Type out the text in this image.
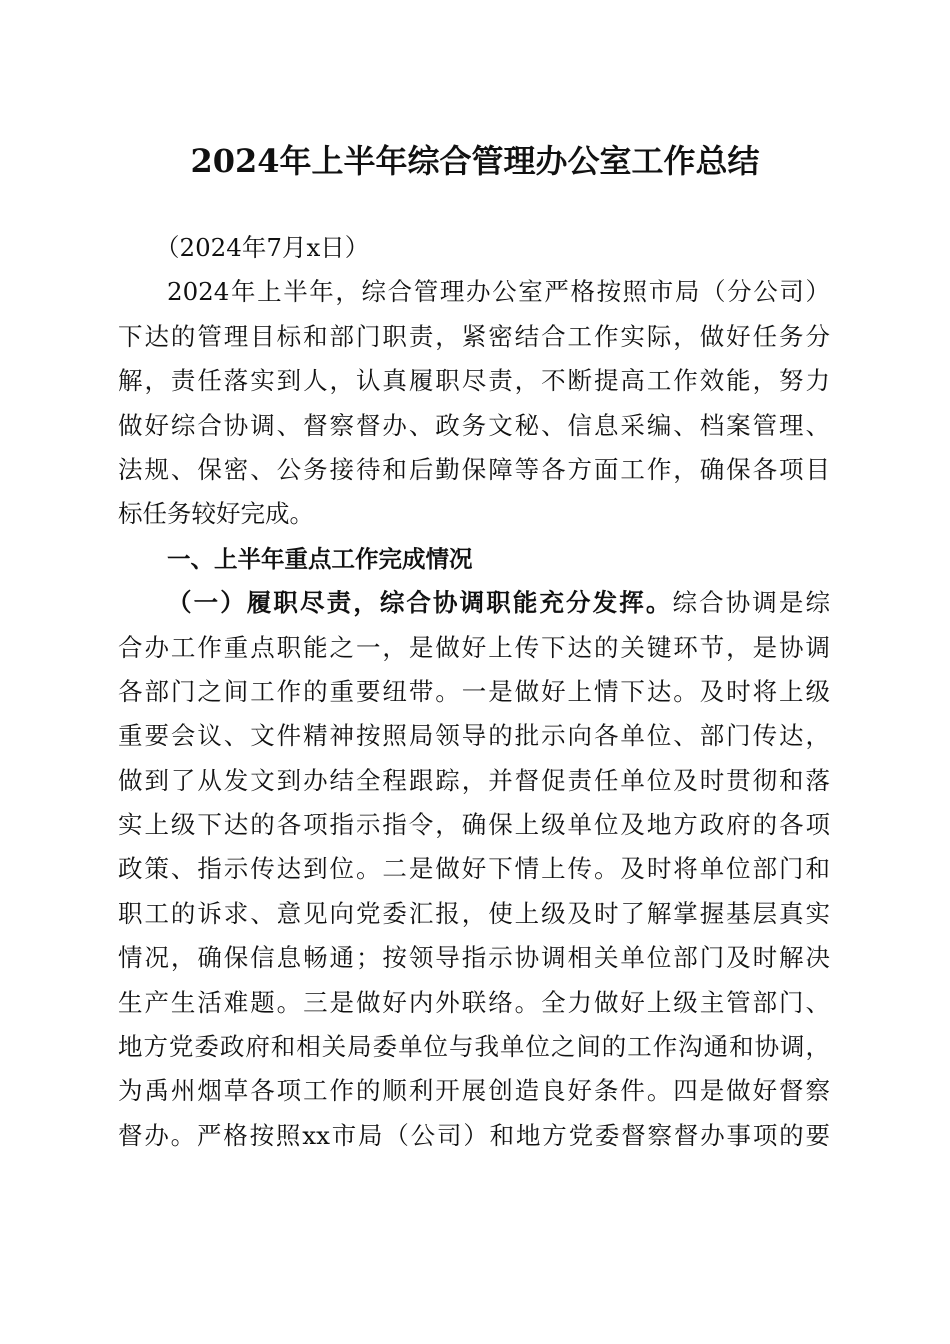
2024年上半年综合管理办公室工作总结
（2024年7月x日）
2024年上半年，综合管理办公室严格按照市局（分公司）
下达的管理目标和部门职责，紧密结合工作实际，做好任务分
解，责任落实到人，认真履职尽责，不断提高工作效能，努力
做好综合协调、督察督办、政务文秘、信息采编、档案管理、
法规、保密、公务接待和后勤保障等各方面工作，确保各项目
标任务较好完成。
一、上半年重点工作完成情况
（一）履职尽责，综合协调职能充分发挥。综合协调是综
合办工作重点职能之一，是做好上传下达的关键环节，是协调
各部门之间工作的重要纽带。一是做好上情下达。及时将上级
重要会议、文件精神按照局领导的批示向各单位、部门传达，
做到了从发文到办结全程跟踪，并督促责任单位及时贯彻和落
实上级下达的各项指示指令，确保上级单位及地方政府的各项
政策、指示传达到位。二是做好下情上传。及时将单位部门和
职工的诉求、意见向党委汇报，使上级及时了解掌握基层真实
情况，确保信息畅通；按领导指示协调相关单位部门及时解决
生产生活难题。三是做好内外联络。全力做好上级主管部门、
地方党委政府和相关局委单位与我单位之间的工作沟通和协调，
为禹州烟草各项工作的顺利开展创造良好条件。四是做好督察
督办。严格按照xx市局（公司）和地方党委督察督办事项的要
